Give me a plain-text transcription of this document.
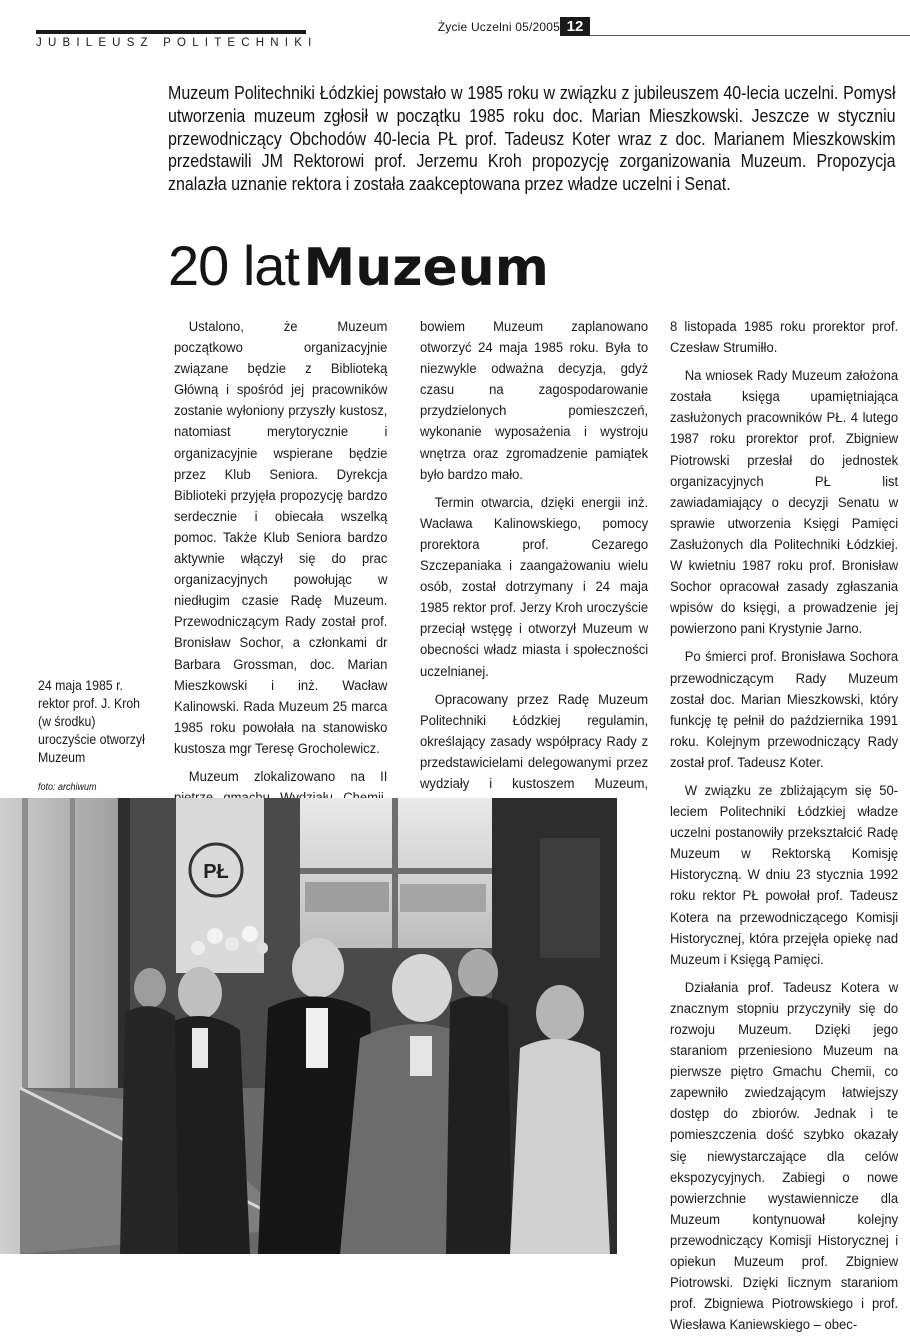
JUBILEUSZ POLITECHNIKI
Życie Uczelni 05/2005 12
Muzeum Politechniki Łódzkiej powstało w 1985 roku w związku z jubileuszem 40-lecia uczelni. Pomysł utworzenia muzeum zgłosił w początku 1985 roku doc. Marian Mieszkowski. Jeszcze w styczniu przewodniczący Obchodów 40-lecia PŁ prof. Tadeusz Koter wraz z doc. Marianem Mieszkowskim przedstawili JM Rektorowi prof. Jerzemu Kroh propozycję zorganizowania Muzeum. Propozycja znalazła uznanie rektora i została zaakceptowana przez władze uczelni i Senat.
20 lat Muzeum

Ustalono, że Muzeum początkowo organizacyjnie związane będzie z Biblioteką Główną i spośród jej pracowników zostanie wyłoniony przyszły kustosz, natomiast merytorycznie i organizacyjnie wspierane będzie przez Klub Seniora. Dyrekcja Biblioteki przyjęła propozycję bardzo serdecznie i obiecała wszelką pomoc. Także Klub Seniora bardzo aktywnie włączył się do prac organizacyjnych powołując w niedługim czasie Radę Muzeum. Przewodniczącym Rady został prof. Bronisław Sochor, a członkami dr Barbara Grossman, doc. Marian Mieszkowski i inż. Wacław Kalinowski. Rada Muzeum 25 marca 1985 roku powołała na stanowisko kustosza mgr Teresę Grocholewicz.

Muzeum zlokalizowano na II

bowiem Muzeum zaplanowano otworzyć 24 maja 1985 roku. Była to niezwykle odważna decyzja, gdyż czasu na zagospodarowanie przydzielonych pomieszczeń, wykonanie wyposażenia i wystroju wnętrza oraz zgromadzenie pamiątek było bardzo mało.

Termin otwarcia, dzięki energii inż. Wacława Kalinowskiego, pomocy prorektora prof. Cezarego Szczepaniaka i zaangażowaniu wielu osób, został dotrzymany i 24 maja 1985 rektor prof. Jerzy Kroh uroczyście przeciął wstęgę i otworzył Muzeum w obecności władz miasta i społeczności uczelnianej.

Opracowany przez Radę Muzeum Politechniki Łódzkiej regulamin, określający zasady współpracy Rady z przedstawicielami delegowanymi przez wydziały i kustoszem Muzeum,

8 listopada 1985 roku prorektor prof. Czesław Strumiłło.

Na wniosek Rady Muzeum założona została księga upamiętniająca zasłużonych pracowników PŁ. 4 lutego 1987 roku prorektor prof. Zbigniew Piotrowski przesłał do jednostek organizacyjnych PŁ list zawiadamiający o decyzji Senatu w sprawie utworzenia Księgi Pamięci Zasłużonych dla Politechniki Łódzkiej. W kwietniu 1987 roku prof. Bronisław Sochor opracował zasady zgłaszania wpisów do księgi, a prowadzenie jej powierzono pani Krystynie Jarno.

Po śmierci prof. Bronisława Sochora przewodniczącym Rady Muzeum został doc. Marian Mieszkowski, który funkcję tę pełnił do października 1991 roku. Kolejnym przewodniczący Rady został prof. Tadeusz Koter.

W związku ze zbliżającym się 50-leciem Politechniki Łódzkiej władze uczelni postanowiły przekształcić Radę Muzeum w Rektorską Komisję Historyczną. W dniu 23 stycznia 1992 roku rektor PŁ powołał prof. Tadeusz Kotera na przewodniczącego Komisji Historycznej, która przejęła opiekę nad Muzeum i Księgą Pamięci.

Działania prof. Tadeusz Kotera w znacznym stopniu przyczyniły się do rozwoju Muzeum. Dzięki jego staraniom przeniesiono Muzeum na pierwsze piętro Gmachu Chemii, co zapewniło zwiedzającym łatwiejszy dostęp do zbiorów. Jednak i te pomieszczenia dość szybko okazały się niewystarczające dla celów ekspozycyjnych. Zabiegi o nowe powierzchnie wystawiennicze dla Muzeum kontynuował kolejny przewodniczący Komisji Historycznej i opiekun Muzeum prof. Zbigniew Piotrowski. Dzięki licznym staraniom prof. Zbigniewa Piotrowskiego i prof. Wiesława Kaniewskiego – obec-

24 maja 1985 r. rektor prof. J. Kroh (w środku) uroczyście otworzył Muzeum
foto: archiwum
PŁ
